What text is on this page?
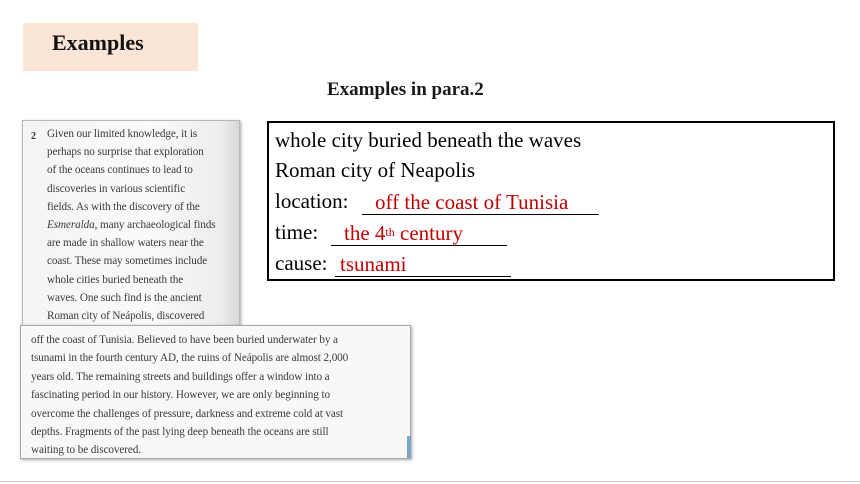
Examples
Examples in para.2
2 Given our limited knowledge, it is
perhaps no surprise that exploration
of the oceans continues to lead to
discoveries in various scientific
fields. As with the discovery of the
Esmeralda, many archaeological finds
are made in shallow waters near the
coast. These may sometimes include
whole cities buried beneath the
waves. One such find is the ancient
Roman city of Neápolis, discovered
off the coast of Tunisia. Believed to have been buried underwater by a
tsunami in the fourth century AD, the ruins of Neápolis are almost 2,000
years old. The remaining streets and buildings offer a window into a
fascinating period in our history. However, we are only beginning to
overcome the challenges of pressure, darkness and extreme cold at vast
depths. Fragments of the past lying deep beneath the oceans are still
waiting to be discovered.
whole city buried beneath the waves
Roman city of Neapolis
location: off the coast of Tunisia
time: the 4th century
cause: tsunami
